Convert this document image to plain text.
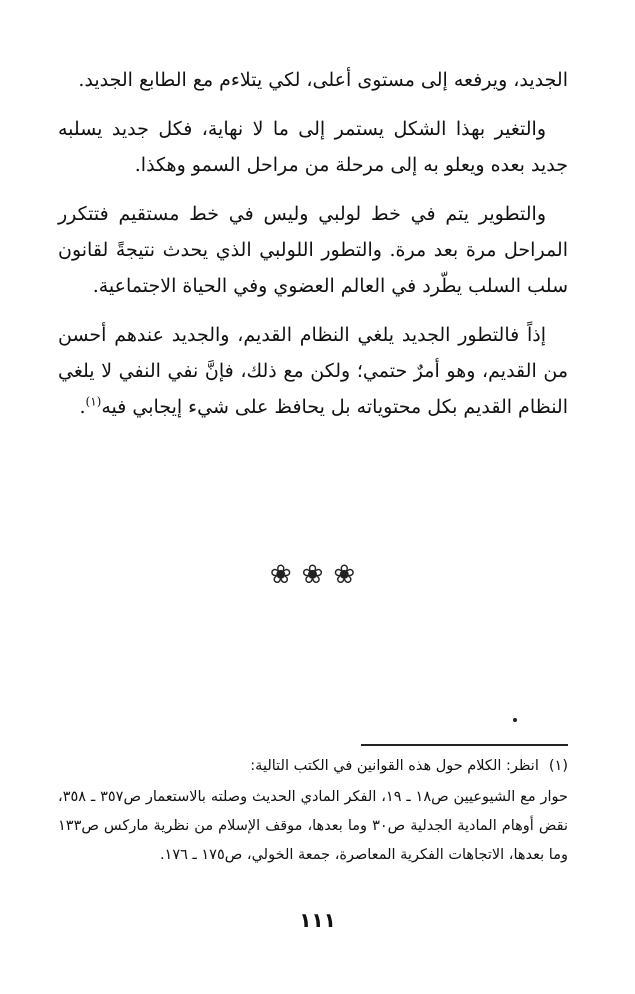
الجديد، ويرفعه إلى مستوى أعلى، لكي يتلاءم مع الطابع الجديد.

والتغير بهذا الشكل يستمر إلى ما لا نهاية، فكل جديد يسلبه جديد بعده ويعلو به إلى مرحلة من مراحل السمو وهكذا.

والتطوير يتم في خط لولبي وليس في خط مستقيم فتتكرر المراحل مرة بعد مرة. والتطور اللولبي الذي يحدث نتيجةً لقانون سلب السلب يطّرد في العالم العضوي وفي الحياة الاجتماعية.

إذاً فالتطور الجديد يلغي النظام القديم، والجديد عندهم أحسن من القديم، وهو أمرٌ حتمي؛ ولكن مع ذلك، فإنَّ نفي النفي لا يلغي النظام القديم بكل محتوياته بل يحافظ على شيء إيجابي فيه$^{(١)}$.

❀❀❀

(١)انظر: الكلام حول هذه القوانين في الكتب التالية:

حوار مع الشيوعيين ص١٨ ـ ١٩، الفكر المادي الحديث وصلته بالاستعمار ص٣٥٧ ـ ٣٥٨، نقض أوهام المادية الجدلية ص٣٠ وما بعدها، موقف الإسلام من نظرية ماركس ص١٣٣ وما بعدها، الاتجاهات الفكرية المعاصرة، جمعة الخولي، ص١٧٥ ـ ١٧٦.

١١١
